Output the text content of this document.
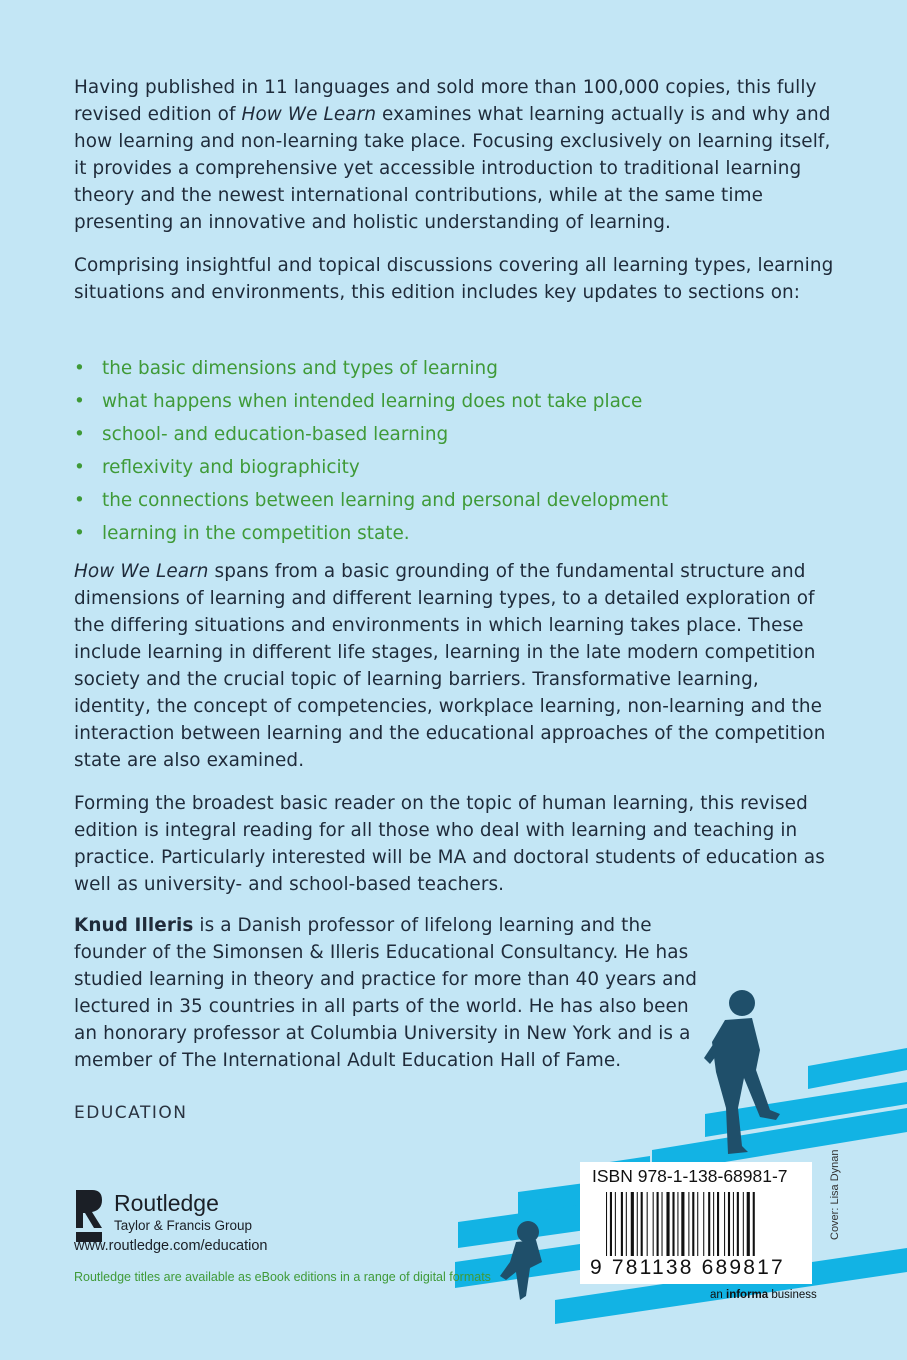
Having published in 11 languages and sold more than 100,000 copies, this fully revised edition of How We Learn examines what learning actually is and why and how learning and non-learning take place. Focusing exclusively on learning itself, it provides a comprehensive yet accessible introduction to traditional learning theory and the newest international contributions, while at the same time presenting an innovative and holistic understanding of learning.

Comprising insightful and topical discussions covering all learning types, learning situations and environments, this edition includes key updates to sections on:

• the basic dimensions and types of learning
• what happens when intended learning does not take place
• school- and education-based learning
• reflexivity and biographicity
• the connections between learning and personal development
• learning in the competition state.

How We Learn spans from a basic grounding of the fundamental structure and dimensions of learning and different learning types, to a detailed exploration of the differing situations and environments in which learning takes place. These include learning in different life stages, learning in the late modern competition society and the crucial topic of learning barriers. Transformative learning, identity, the concept of competencies, workplace learning, non-learning and the interaction between learning and the educational approaches of the competition state are also examined.

Forming the broadest basic reader on the topic of human learning, this revised edition is integral reading for all those who deal with learning and teaching in practice. Particularly interested will be MA and doctoral students of education as well as university- and school-based teachers.

Knud Illeris is a Danish professor of lifelong learning and the founder of the Simonsen & Illeris Educational Consultancy. He has studied learning in theory and practice for more than 40 years and lectured in 35 countries in all parts of the world. He has also been an honorary professor at Columbia University in New York and is a member of The International Adult Education Hall of Fame.

EDUCATION
Routledge
Taylor & Francis Group
www.routledge.com/education
Routledge titles are available as eBook editions in a range of digital formats
ISBN 978-1-138-68981-7
9 781138 689817
an informa business
Cover: Lisa Dynan
